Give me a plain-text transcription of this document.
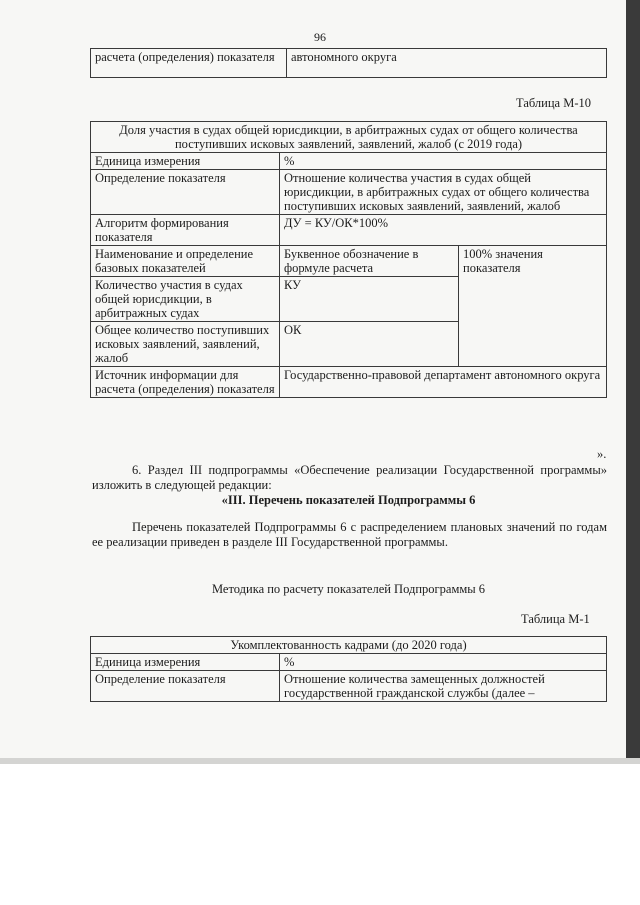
96
расчета (определения) показателя	автономного округа
Таблица М-10
Доля участия в судах общей юрисдикции, в арбитражных судах от общего количества поступивших исковых заявлений, заявлений, жалоб (с 2019 года)		
Единица измерения	%	
Определение показателя	Отношение количества участия в судах общей юрисдикции, в арбитражных судах от общего количества поступивших исковых заявлений, заявлений, жалоб	
Алгоритм формирования показателя	ДУ = КУ/ОК*100%	
Наименование и определение базовых показателей	Буквенное обозначение в формуле расчета	100% значения показателя
Количество участия в судах общей юрисдикции, в арбитражных судах	КУ	
Общее количество поступивших исковых заявлений, заявлений, жалоб	ОК	
Источник информации для расчета (определения) показателя	Государственно-правовой департамент автономного округа	
».
6. Раздел III подпрограммы «Обеспечение реализации Государственной программы» изложить в следующей редакции:
«III. Перечень показателей Подпрограммы 6
Перечень показателей Подпрограммы 6 с распределением плановых значений по годам ее реализации приведен в разделе III Государственной программы.
Методика по расчету показателей Подпрограммы 6
Таблица М-1
Укомплектованность кадрами (до 2020 года)	
Единица измерения	%
Определение показателя	Отношение количества замещенных должностей государственной гражданской службы (далее –
